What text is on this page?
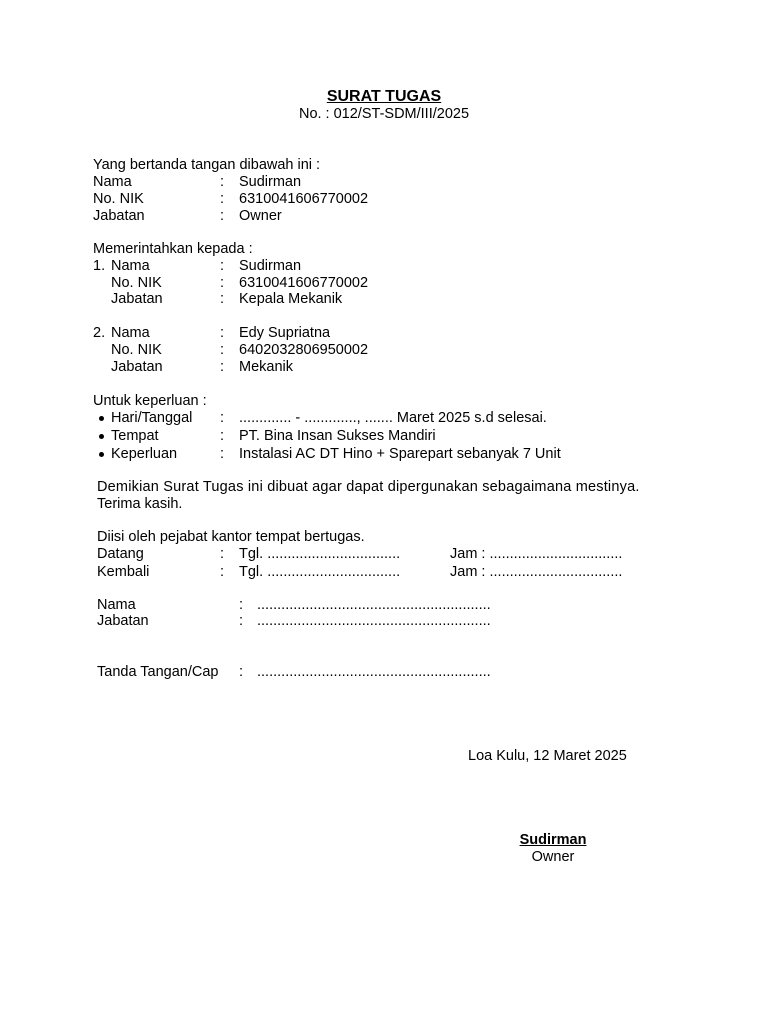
SURAT TUGAS
No. : 012/ST-SDM/III/2025
Yang bertanda tangan dibawah ini :
Nama	: Sudirman
No. NIK	: 6310041606770002
Jabatan	: Owner
Memerintahkan kepada :
1. Nama	: Sudirman
No. NIK	: 6310041606770002
Jabatan	: Kepala Mekanik
2. Nama	: Edy Supriatna
No. NIK	: 6402032806950002
Jabatan	: Mekanik
Untuk keperluan :
Hari/Tanggal : ............. - ............., ....... Maret 2025 s.d selesai.
Tempat	: PT. Bina Insan Sukses Mandiri
Keperluan	: Instalasi AC DT Hino + Sparepart sebanyak 7 Unit
Demikian Surat Tugas ini dibuat agar dapat dipergunakan sebagaimana mestinya.
Terima kasih.
Diisi oleh pejabat kantor tempat bertugas.
Datang	: Tgl. .................................	Jam : .................................
Kembali	: Tgl. .................................	Jam : .................................
Nama	: ..........................................................
Jabatan	: ..........................................................
Tanda Tangan/Cap : ..........................................................
Loa Kulu, 12 Maret 2025
Sudirman
Owner
